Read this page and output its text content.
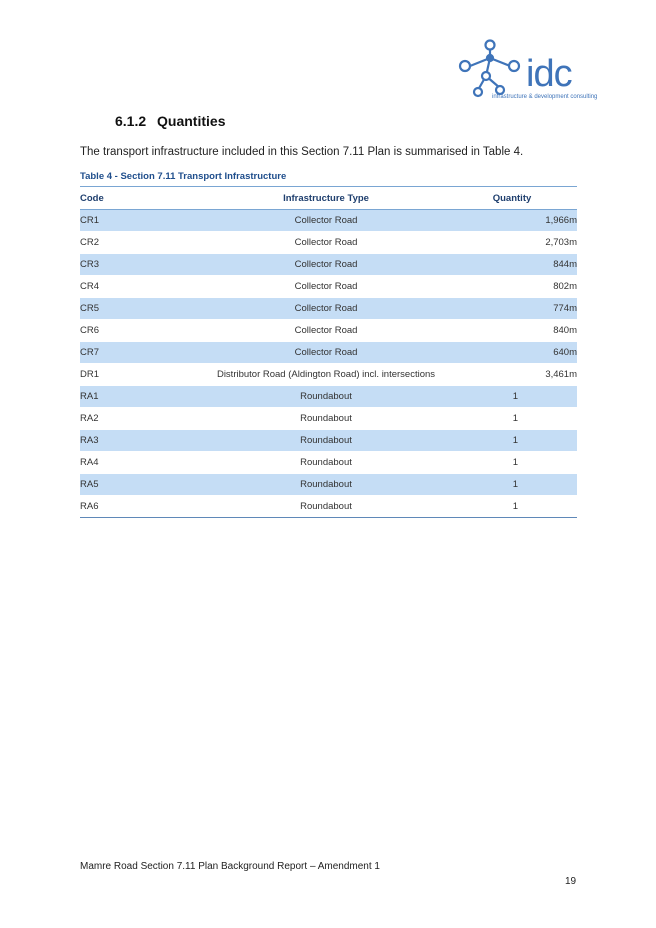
idc
infrastructure & development consulting
6.1.2 Quantities
The transport infrastructure included in this Section 7.11 Plan is summarised in Table 4.
Table 4 - Section 7.11 Transport Infrastructure
Code	Infrastructure Type	Quantity
CR1	Collector Road	1,966m
CR2	Collector Road	2,703m
CR3	Collector Road	844m
CR4	Collector Road	802m
CR5	Collector Road	774m
CR6	Collector Road	840m
CR7	Collector Road	640m
DR1	Distributor Road (Aldington Road) incl. intersections	3,461m
RA1	Roundabout	1
RA2	Roundabout	1
RA3	Roundabout	1
RA4	Roundabout	1
RA5	Roundabout	1
RA6	Roundabout	1
Mamre Road Section 7.11 Plan Background Report – Amendment 1
19
